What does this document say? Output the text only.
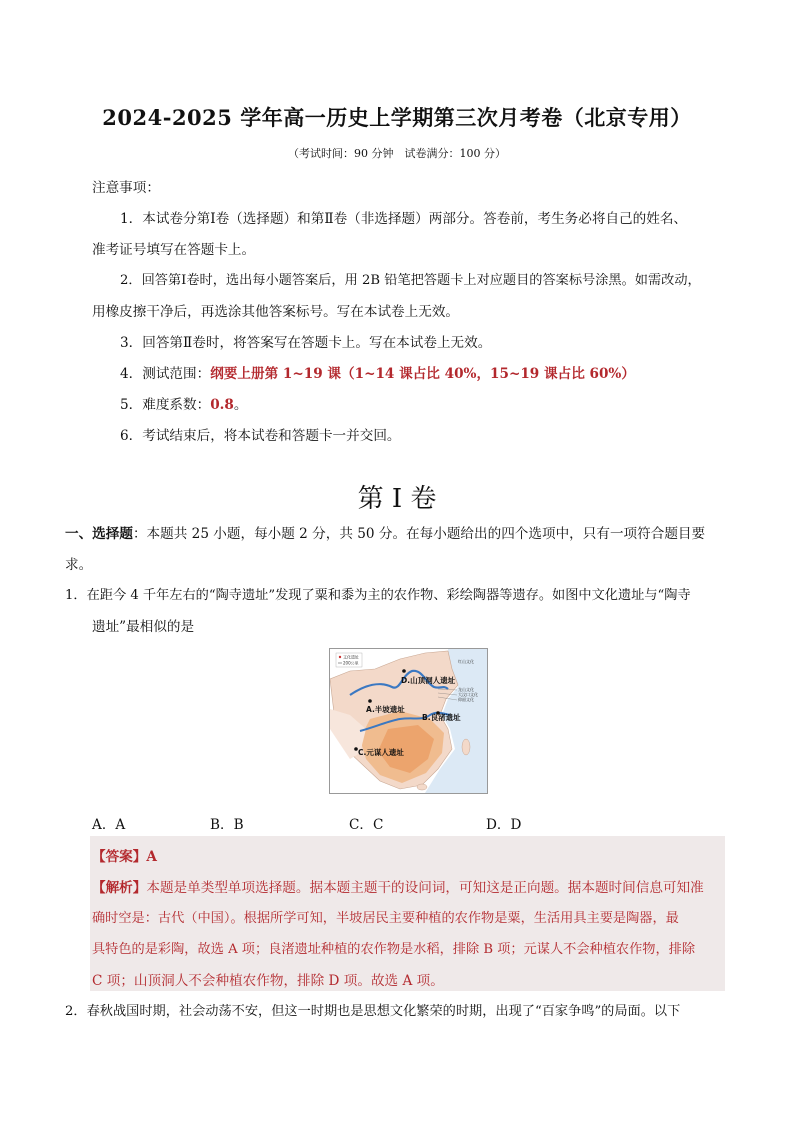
2024-2025 学年高一历史上学期第三次月考卷（北京专用）
（考试时间：90 分钟　试卷满分：100 分）
注意事项：
1．本试卷分第Ⅰ卷（选择题）和第Ⅱ卷（非选择题）两部分。答卷前，考生务必将自己的姓名、
准考证号填写在答题卡上。
2．回答第Ⅰ卷时，选出每小题答案后，用 2B 铅笔把答题卡上对应题目的答案标号涂黑。如需改动，
用橡皮擦干净后，再选涂其他答案标号。写在本试卷上无效。
3．回答第Ⅱ卷时，将答案写在答题卡上。写在本试卷上无效。
4．测试范围：纲要上册第 1~19 课（1~14 课占比 40%，15~19 课占比 60%）
5．难度系数：0.8。
6．考试结束后，将本试卷和答题卡一并交回。
第 I 卷
一、选择题：本题共 25 小题，每小题 2 分，共 50 分。在每小题给出的四个选项中，只有一项符合题目要
求。
1．在距今 4 千年左右的“陶寺遗址”发现了粟和黍为主的农作物、彩绘陶器等遗存。如图中文化遗址与“陶寺
遗址”最相似的是
文化遗址
200公里	红山文化
龙山文化
大汶口文化
仰韶文化
D.山顶洞人遗址
A.半坡遗址
B.良渚遗址
C.元谋人遗址
A．A	B．B	C．C	D．D
【答案】A
【解析】本题是单类型单项选择题。据本题主题干的设问词，可知这是正向题。据本题时间信息可知准
确时空是：古代（中国）。根据所学可知，半坡居民主要种植的农作物是粟，生活用具主要是陶器，最
具特色的是彩陶，故选 A 项；良渚遗址种植的农作物是水稻，排除 B 项；元谋人不会种植农作物，排除
C 项；山顶洞人不会种植农作物，排除 D 项。故选 A 项。
2．春秋战国时期，社会动荡不安，但这一时期也是思想文化繁荣的时期，出现了“百家争鸣”的局面。以下
